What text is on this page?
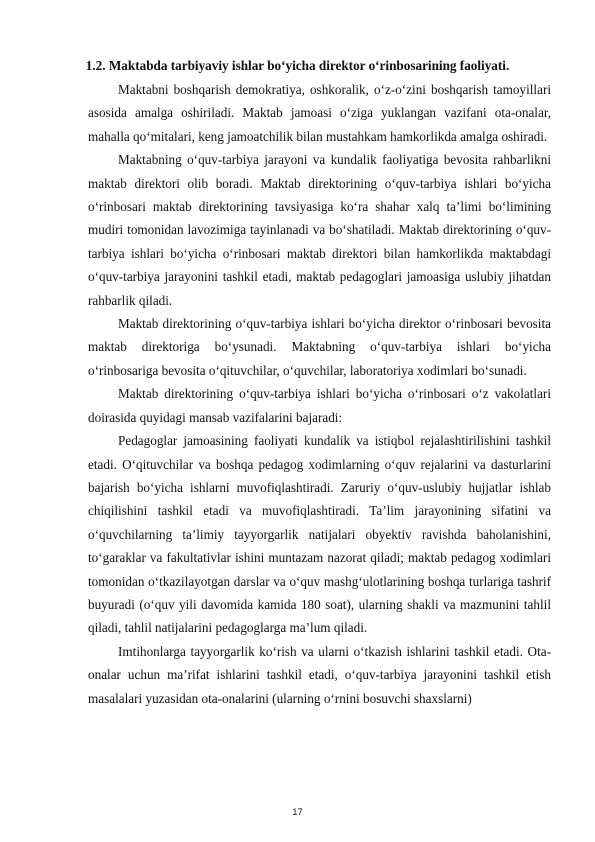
1.2. Maktabda tarbiyaviy ishlar bo‘yicha direktor o‘rinbosarining faoliyati.

Maktabni boshqarish demokratiya, oshkoralik, o‘z-o‘zini boshqarish tamoyillari asosida amalga oshiriladi. Maktab jamoasi o‘ziga yuklangan vazifani ota-onalar, mahalla qo‘mitalari, keng jamoatchilik bilan mustahkam hamkorlikda amalga oshiradi.

Maktabning o‘quv-tarbiya jarayoni va kundalik faoliyatiga bevosita rahbarlikni maktab direktori olib boradi. Maktab direktorining o‘quv-tarbiya ishlari bo‘yicha o‘rinbosari maktab direktorining tavsiyasiga ko‘ra shahar xalq ta’limi bo‘limining mudiri tomonidan lavozimiga tayinlanadi va bo‘shatiladi. Maktab direktorining o‘quv-tarbiya ishlari bo‘yicha o‘rinbosari maktab direktori bilan hamkorlikda maktabdagi o‘quv-tarbiya jarayonini tashkil etadi, maktab pedagoglari jamoasiga uslubiy jihatdan rahbarlik qiladi.

Maktab direktorining o‘quv-tarbiya ishlari bo‘yicha direktor o‘rinbosari bevosita maktab direktoriga bo‘ysunadi. Maktabning o‘quv-tarbiya ishlari bo‘yicha o‘rinbosariga bevosita o‘qituvchilar, o‘quvchilar, laboratoriya xodimlari bo‘sunadi.

Maktab direktorining o‘quv-tarbiya ishlari bo‘yicha o‘rinbosari o‘z vakolatlari doirasida quyidagi mansab vazifalarini bajaradi:

Pedagoglar jamoasining faoliyati kundalik va istiqbol rejalashtirilishini tashkil etadi. O‘qituvchilar va boshqa pedagog xodimlarning o‘quv rejalarini va dasturlarini bajarish bo‘yicha ishlarni muvofiqlashtiradi. Zaruriy o‘quv-uslubiy hujjatlar ishlab chiqilishini tashkil etadi va muvofiqlashtiradi. Ta’lim jarayonining sifatini va o‘quvchilarning ta’limiy tayyorgarlik natijalari obyektiv ravishda baholanishini, to‘garaklar va fakultativlar ishini muntazam nazorat qiladi; maktab pedagog xodimlari tomonidan o‘tkazilayotgan darslar va o‘quv mashg‘ulotlarining boshqa turlariga tashrif buyuradi (o‘quv yili davomida kamida 180 soat), ularning shakli va mazmunini tahlil qiladi, tahlil natijalarini pedagoglarga ma’lum qiladi.

Imtihonlarga tayyorgarlik ko‘rish va ularni o‘tkazish ishlarini tashkil etadi. Ota-onalar uchun ma’rifat ishlarini tashkil etadi, o‘quv-tarbiya jarayonini tashkil etish masalalari yuzasidan ota-onalarini (ularning o‘rnini bosuvchi shaxslarni)

17
